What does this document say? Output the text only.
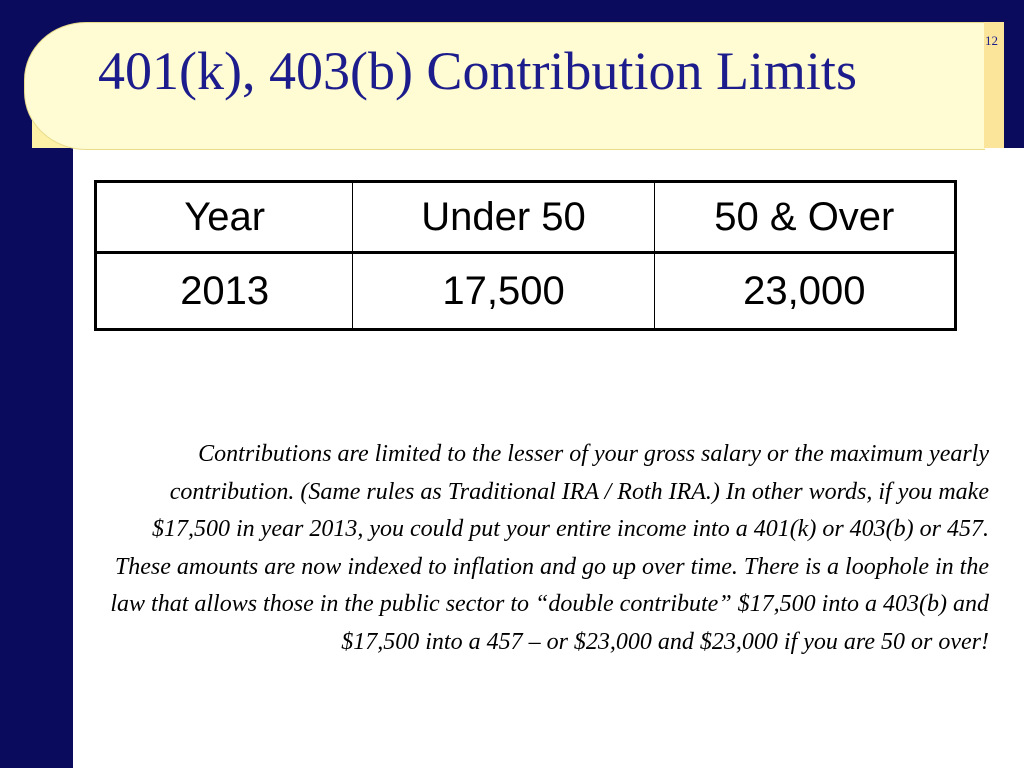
401(k), 403(b) Contribution Limits
12
Year	Under 50	50 & Over
2013	17,500	23,000

Contributions are limited to the lesser of your gross salary or the maximum yearly contribution. (Same rules as Traditional IRA / Roth IRA.) In other words, if you make $17,500 in year 2013, you could put your entire income into a 401(k) or 403(b) or 457. These amounts are now indexed to inflation and go up over time. There is a loophole in the law that allows those in the public sector to “double contribute” $17,500 into a 403(b) and $17,500 into a 457 – or $23,000 and $23,000 if you are 50 or over!
